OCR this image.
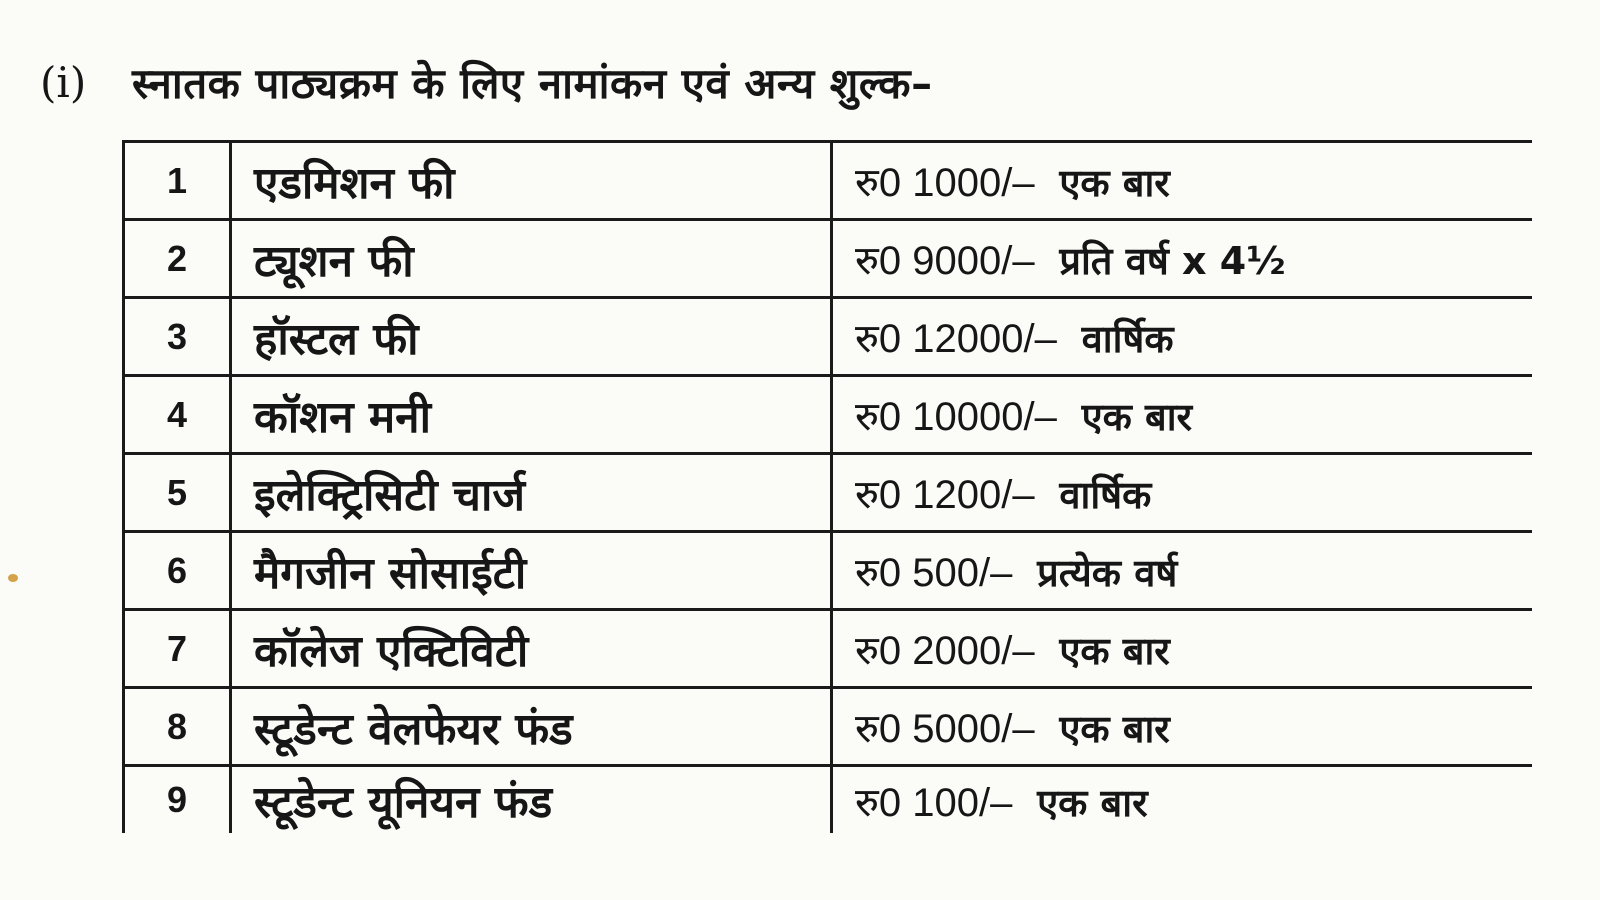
(i)	स्नातक पाठ्यक्रम के लिए नामांकन एवं अन्य शुल्क–
1	एडमिशन फी	रु0 1000/– एक बार
2	ट्यूशन फी	रु0 9000/– प्रति वर्ष x 4½
3	हॉस्टल फी	रु0 12000/– वार्षिक
4	कॉशन मनी	रु0 10000/– एक बार
5	इलेक्ट्रिसिटी चार्ज	रु0 1200/– वार्षिक
6	मैगजीन सोसाईटी	रु0 500/– प्रत्येक वर्ष
7	कॉलेज एक्टिविटी	रु0 2000/– एक बार
8	स्टूडेन्ट वेलफेयर फंड	रु0 5000/– एक बार
9	स्टूडेन्ट यूनियन फंड	रु0 100/– एक बार
